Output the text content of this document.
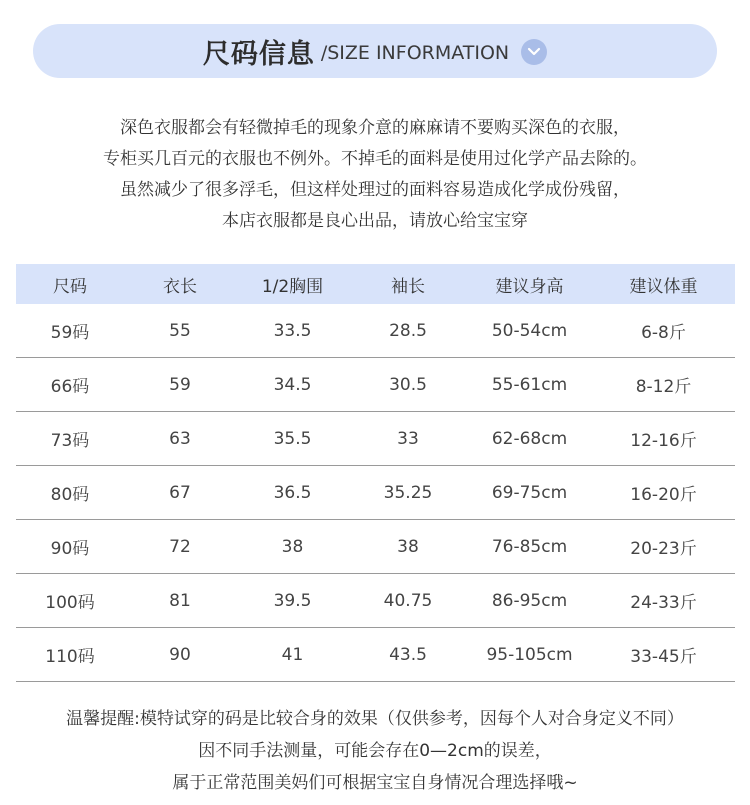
尺码信息 /SIZE INFORMATION
深色衣服都会有轻微掉毛的现象介意的麻麻请不要购买深色的衣服，
专柜买几百元的衣服也不例外。不掉毛的面料是使用过化学产品去除的。
虽然减少了很多浮毛，但这样处理过的面料容易造成化学成份残留，
本店衣服都是良心出品，请放心给宝宝穿
尺码	衣长	1/2胸围	袖长	建议身高	建议体重
59码	55	33.5	28.5	50-54cm	6-8斤
66码	59	34.5	30.5	55-61cm	8-12斤
73码	63	35.5	33	62-68cm	12-16斤
80码	67	36.5	35.25	69-75cm	16-20斤
90码	72	38	38	76-85cm	20-23斤
100码	81	39.5	40.75	86-95cm	24-33斤
110码	90	41	43.5	95-105cm	33-45斤
温馨提醒:模特试穿的码是比较合身的效果（仅供参考，因每个人对合身定义不同）
因不同手法测量，可能会存在0—2cm的误差，
属于正常范围美妈们可根据宝宝自身情况合理选择哦~
